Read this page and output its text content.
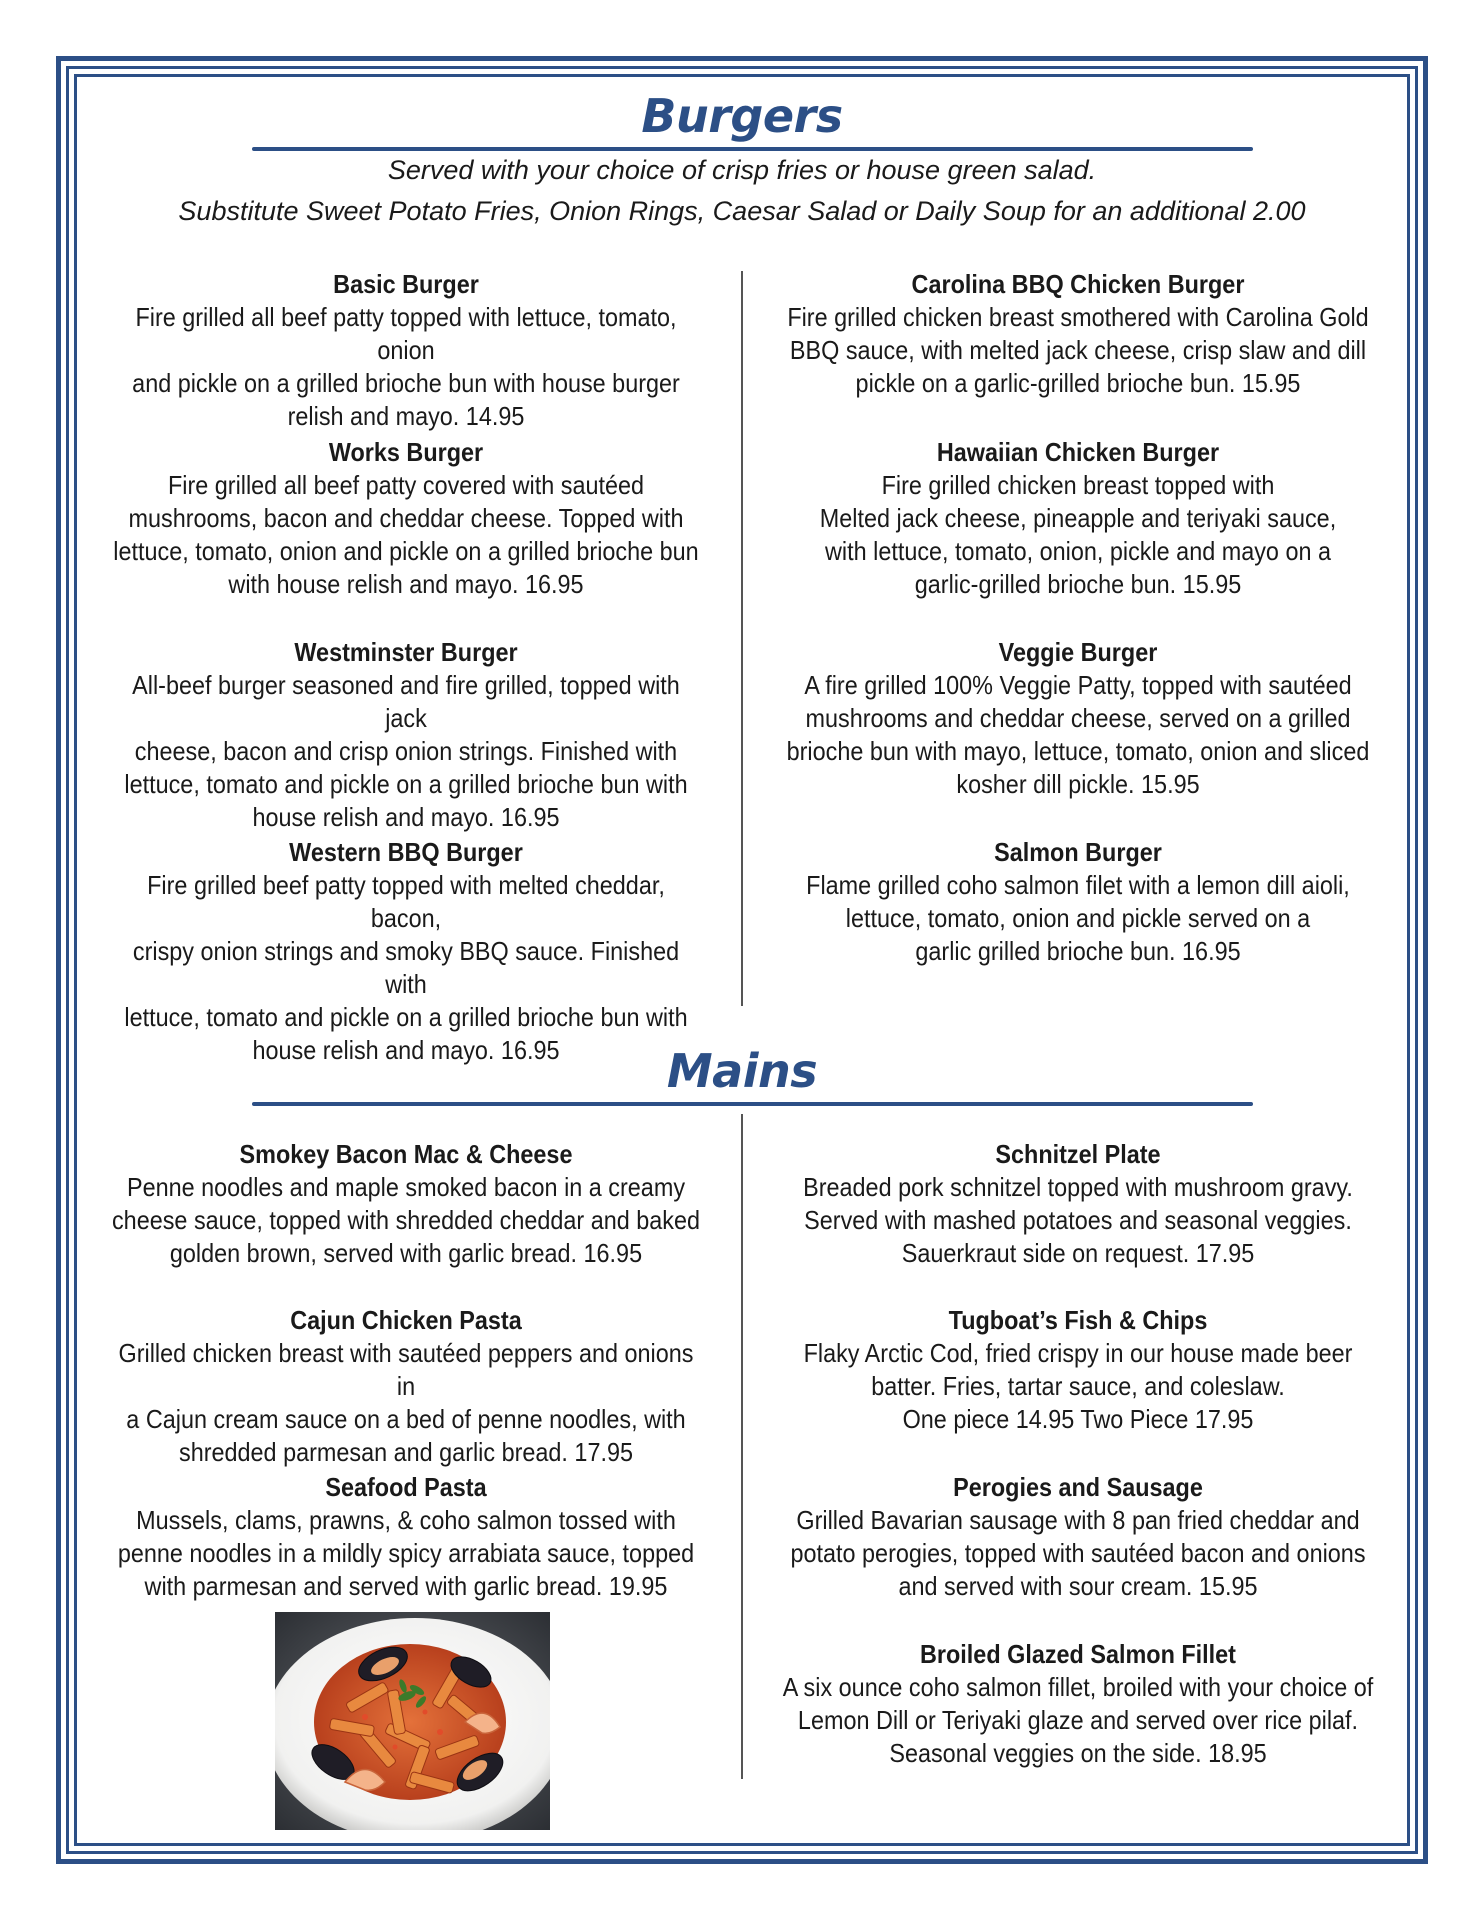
Burgers
Served with your choice of crisp fries or house green salad.
Substitute Sweet Potato Fries, Onion Rings, Caesar Salad or Daily Soup for an additional 2.00
Basic Burger
Fire grilled all beef patty topped with lettuce, tomato, onion
and pickle on a grilled brioche bun with house burger
relish and mayo. 14.95
Works Burger
Fire grilled all beef patty covered with sautéed
mushrooms, bacon and cheddar cheese. Topped with
lettuce, tomato, onion and pickle on a grilled brioche bun
with house relish and mayo. 16.95
Westminster Burger
All-beef burger seasoned and fire grilled, topped with jack
cheese, bacon and crisp onion strings. Finished with
lettuce, tomato and pickle on a grilled brioche bun with
house relish and mayo. 16.95
Western BBQ Burger
Fire grilled beef patty topped with melted cheddar, bacon,
crispy onion strings and smoky BBQ sauce. Finished with
lettuce, tomato and pickle on a grilled brioche bun with
house relish and mayo. 16.95
Carolina BBQ Chicken Burger
Fire grilled chicken breast smothered with Carolina Gold
BBQ sauce, with melted jack cheese, crisp slaw and dill
pickle on a garlic-grilled brioche bun. 15.95
Hawaiian Chicken Burger
Fire grilled chicken breast topped with
Melted jack cheese, pineapple and teriyaki sauce,
with lettuce, tomato, onion, pickle and mayo on a
garlic-grilled brioche bun. 15.95
Veggie Burger
A fire grilled 100% Veggie Patty, topped with sautéed
mushrooms and cheddar cheese, served on a grilled
brioche bun with mayo, lettuce, tomato, onion and sliced
kosher dill pickle. 15.95
Salmon Burger
Flame grilled coho salmon filet with a lemon dill aioli,
lettuce, tomato, onion and pickle served on a
garlic grilled brioche bun. 16.95
Mains
Smokey Bacon Mac & Cheese
Penne noodles and maple smoked bacon in a creamy
cheese sauce, topped with shredded cheddar and baked
golden brown, served with garlic bread. 16.95
Cajun Chicken Pasta
Grilled chicken breast with sautéed peppers and onions in
a Cajun cream sauce on a bed of penne noodles, with
shredded parmesan and garlic bread. 17.95
Seafood Pasta
Mussels, clams, prawns, & coho salmon tossed with
penne noodles in a mildly spicy arrabiata sauce, topped
with parmesan and served with garlic bread. 19.95
Schnitzel Plate
Breaded pork schnitzel topped with mushroom gravy.
Served with mashed potatoes and seasonal veggies.
Sauerkraut side on request. 17.95
Tugboat’s Fish & Chips
Flaky Arctic Cod, fried crispy in our house made beer
batter. Fries, tartar sauce, and coleslaw.
One piece 14.95 Two Piece 17.95
Perogies and Sausage
Grilled Bavarian sausage with 8 pan fried cheddar and
potato perogies, topped with sautéed bacon and onions
and served with sour cream. 15.95
Broiled Glazed Salmon Fillet
A six ounce coho salmon fillet, broiled with your choice of
Lemon Dill or Teriyaki glaze and served over rice pilaf.
Seasonal veggies on the side. 18.95
